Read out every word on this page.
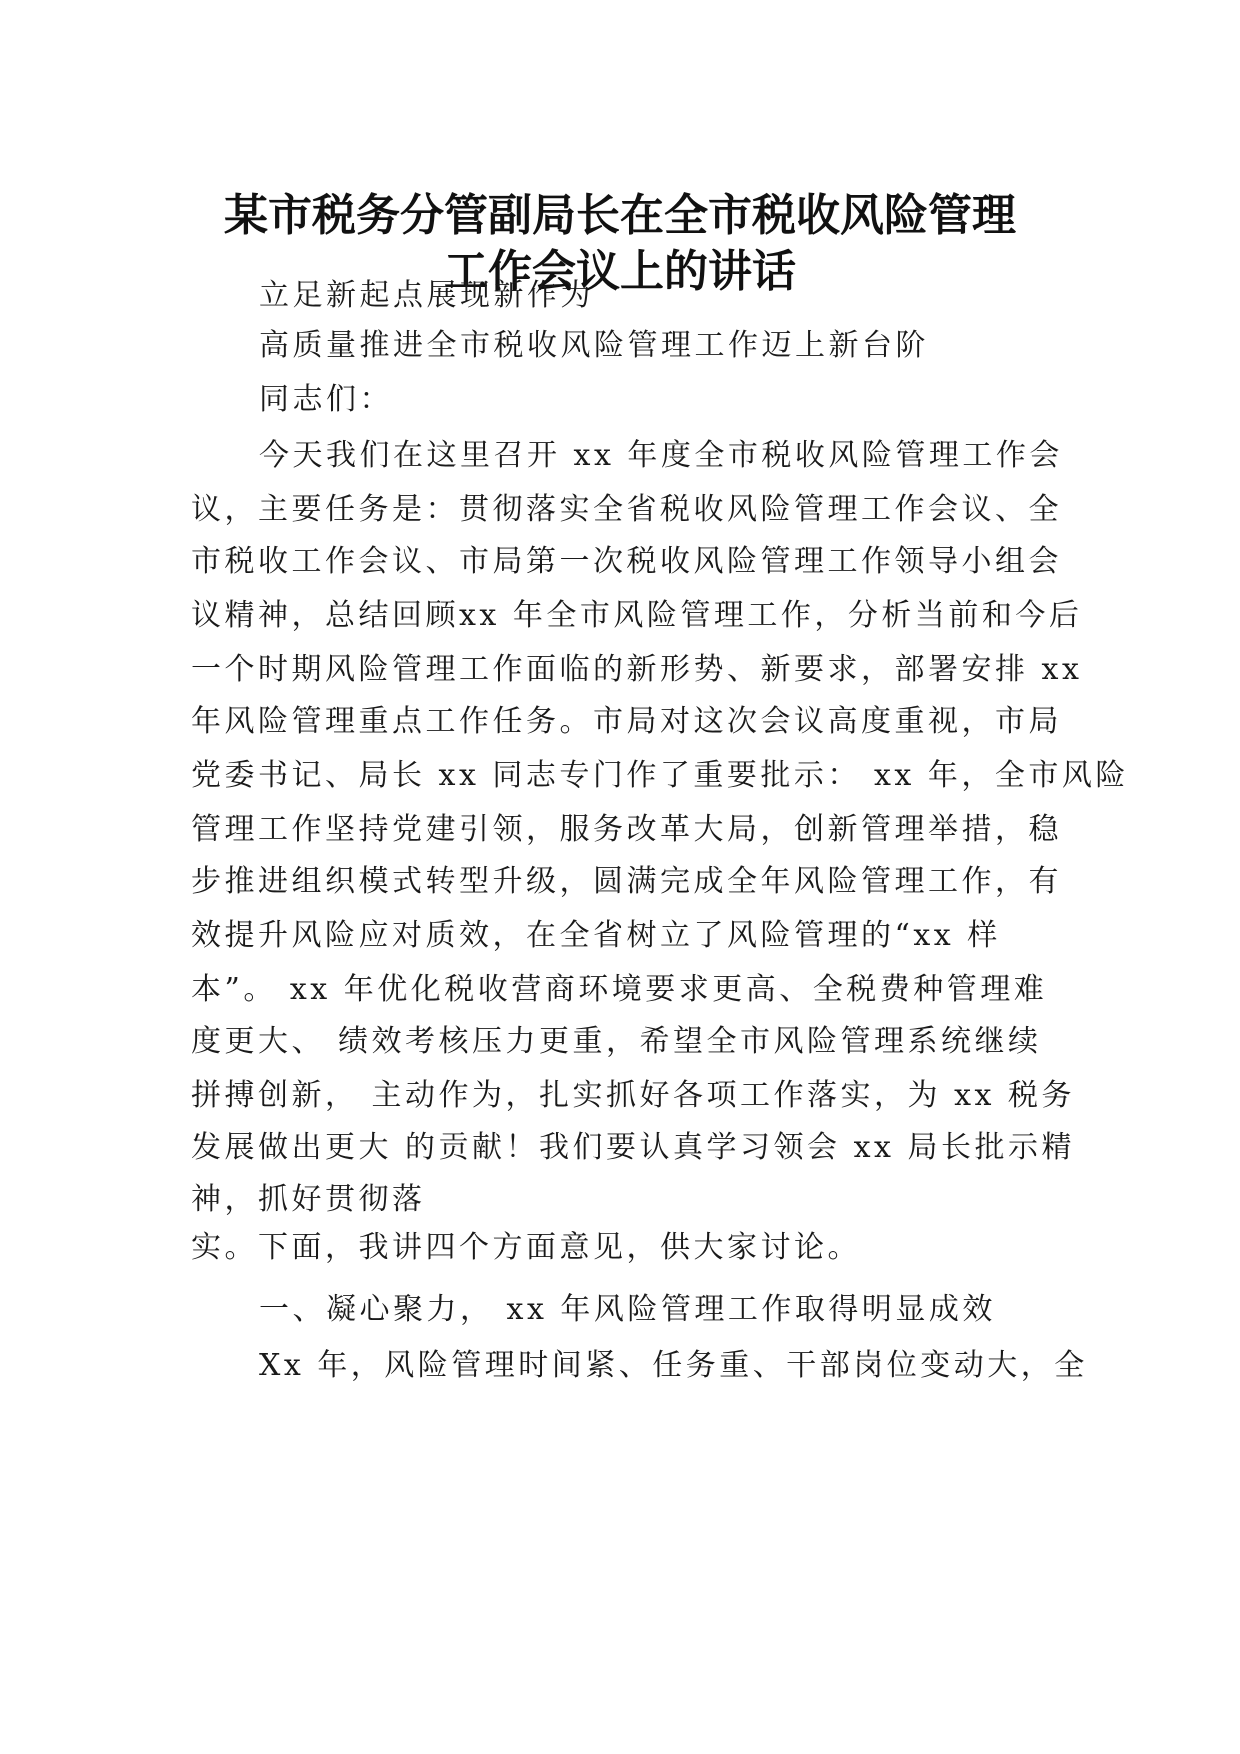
某市税务分管副局长在全市税收风险管理
工作会议上的讲话
立足新起点展现新作为
高质量推进全市税收风险管理工作迈上新台阶
同志们：
今天我们在这里召开 xx 年度全市税收风险管理工作会
议，主要任务是：贯彻落实全省税收风险管理工作会议、全
市税收工作会议、市局第一次税收风险管理工作领导小组会
议精神，总结回顾xx 年全市风险管理工作，分析当前和今后
一个时期风险管理工作面临的新形势、新要求，部署安排 xx
年风险管理重点工作任务。市局对这次会议高度重视，市局
党委书记、局长 xx 同志专门作了重要批示： xx 年，全市风险
管理工作坚持党建引领，服务改革大局，创新管理举措，稳
步推进组织模式转型升级，圆满完成全年风险管理工作，有
效提升风险应对质效，在全省树立了风险管理的“xx 样
本”。 xx 年优化税收营商环境要求更高、全税费种管理难
度更大、 绩效考核压力更重，希望全市风险管理系统继续
拼搏创新， 主动作为，扎实抓好各项工作落实，为 xx 税务
发展做出更大 的贡献！我们要认真学习领会 xx 局长批示精
神，抓好贯彻落
实。下面，我讲四个方面意见，供大家讨论。
一、凝心聚力， xx 年风险管理工作取得明显成效
Xx 年，风险管理时间紧、任务重、干部岗位变动大，全
